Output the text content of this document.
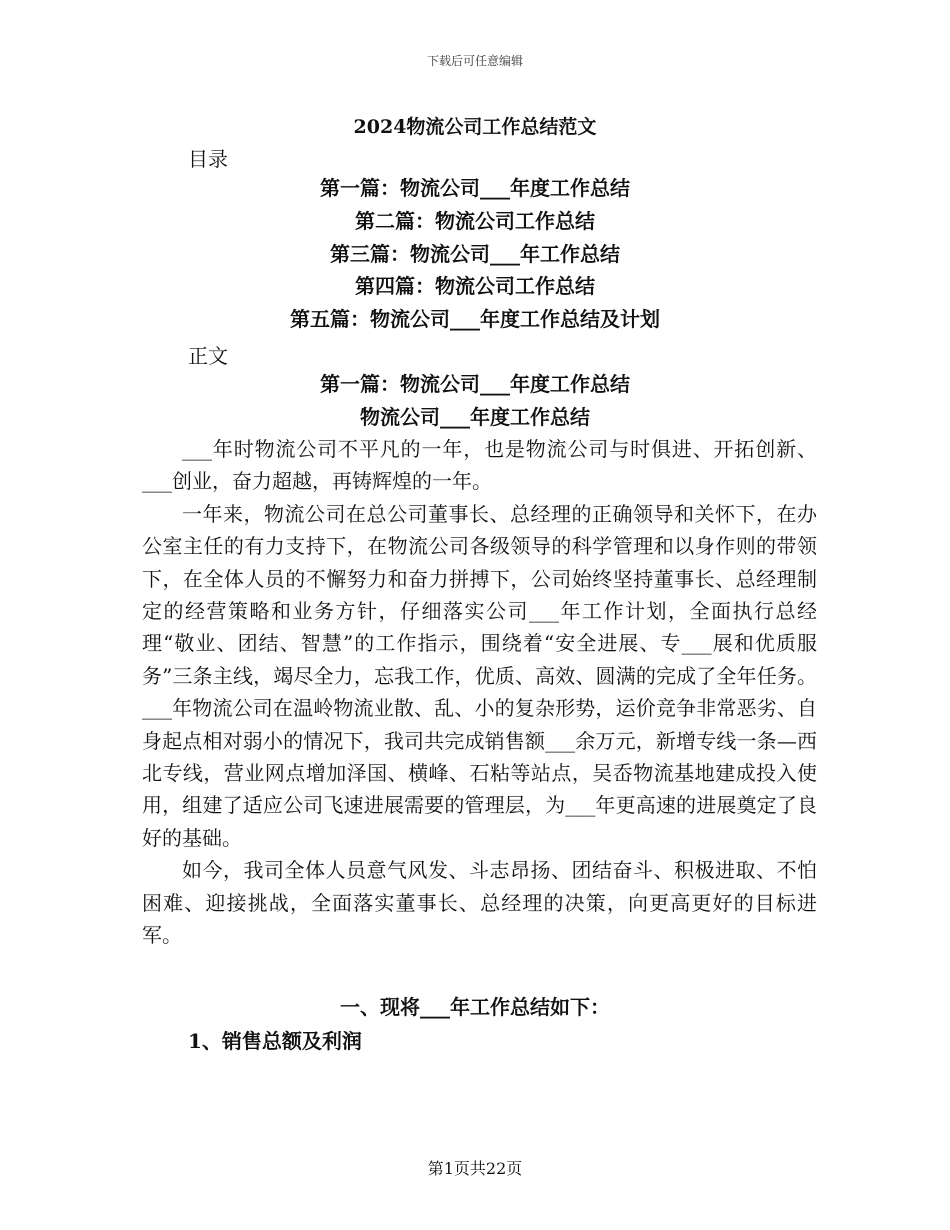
下载后可任意编辑
2024物流公司工作总结范文
目录
第一篇：物流公司___年度工作总结
第二篇：物流公司工作总结
第三篇：物流公司___年工作总结
第四篇：物流公司工作总结
第五篇：物流公司___年度工作总结及计划
正文
第一篇：物流公司___年度工作总结
物流公司___年度工作总结

___年时物流公司不平凡的一年，也是物流公司与时俱进、开拓创新、___创业，奋力超越，再铸辉煌的一年。

一年来，物流公司在总公司董事长、总经理的正确领导和关怀下，在办公室主任的有力支持下，在物流公司各级领导的科学管理和以身作则的带领下，在全体人员的不懈努力和奋力拼搏下，公司始终坚持董事长、总经理制定的经营策略和业务方针，仔细落实公司___年工作计划，全面执行总经理“敬业、团结、智慧”的工作指示，围绕着“安全进展、专___展和优质服务”三条主线，竭尽全力，忘我工作，优质、高效、圆满的完成了全年任务。___年物流公司在温岭物流业散、乱、小的复杂形势，运价竞争非常恶劣、自身起点相对弱小的情况下，我司共完成销售额___余万元，新增专线一条—西北专线，营业网点增加泽国、横峰、石粘等站点，吴岙物流基地建成投入使用，组建了适应公司飞速进展需要的管理层，为___年更高速的进展奠定了良好的基础。

如今，我司全体人员意气风发、斗志昂扬、团结奋斗、积极进取、不怕困难、迎接挑战，全面落实董事长、总经理的决策，向更高更好的目标进军。

一、现将___年工作总结如下：
1、销售总额及利润
第1页共22页
